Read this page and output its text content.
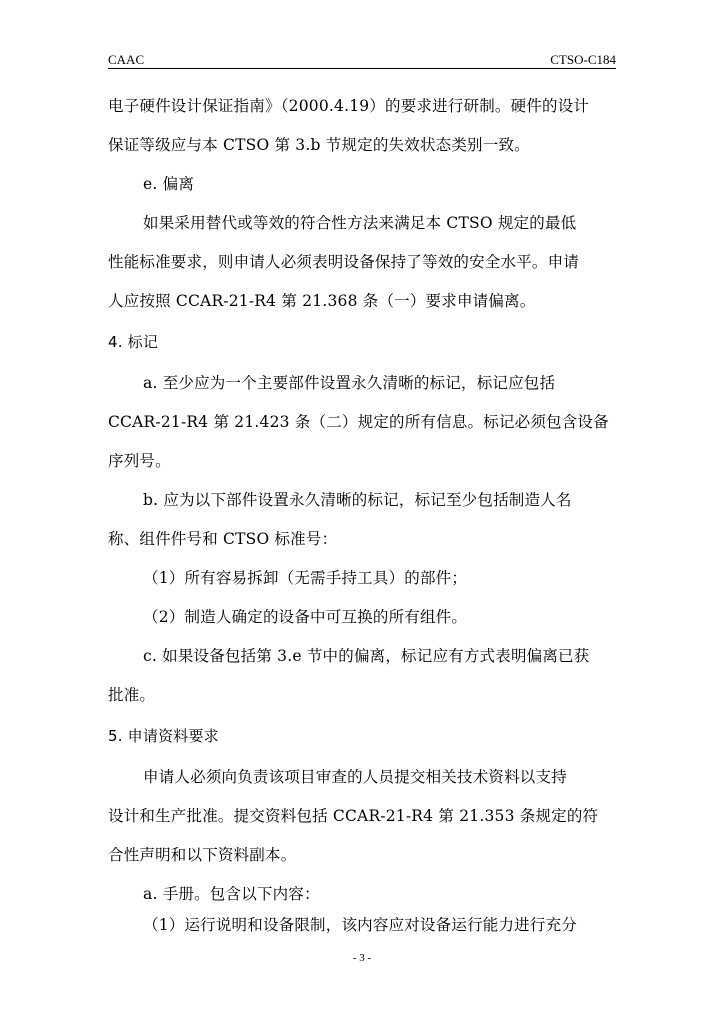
CAAC	CTSO-C184
电子硬件设计保证指南》（2000.4.19）的要求进行研制。硬件的设计
保证等级应与本 CTSO 第 3.b 节规定的失效状态类别一致。
e. 偏离
如果采用替代或等效的符合性方法来满足本 CTSO 规定的最低
性能标准要求，则申请人必须表明设备保持了等效的安全水平。申请
人应按照 CCAR-21-R4 第 21.368 条（一）要求申请偏离。
4. 标记
a. 至少应为一个主要部件设置永久清晰的标记，标记应包括
CCAR-21-R4 第 21.423 条（二）规定的所有信息。标记必须包含设备
序列号。
b. 应为以下部件设置永久清晰的标记，标记至少包括制造人名
称、组件件号和 CTSO 标准号：
（1）所有容易拆卸（无需手持工具）的部件；
（2）制造人确定的设备中可互换的所有组件。
c. 如果设备包括第 3.e 节中的偏离，标记应有方式表明偏离已获
批准。
5. 申请资料要求
申请人必须向负责该项目审查的人员提交相关技术资料以支持
设计和生产批准。提交资料包括 CCAR-21-R4 第 21.353 条规定的符
合性声明和以下资料副本。
a. 手册。包含以下内容：
（1）运行说明和设备限制，该内容应对设备运行能力进行充分
- 3 -
